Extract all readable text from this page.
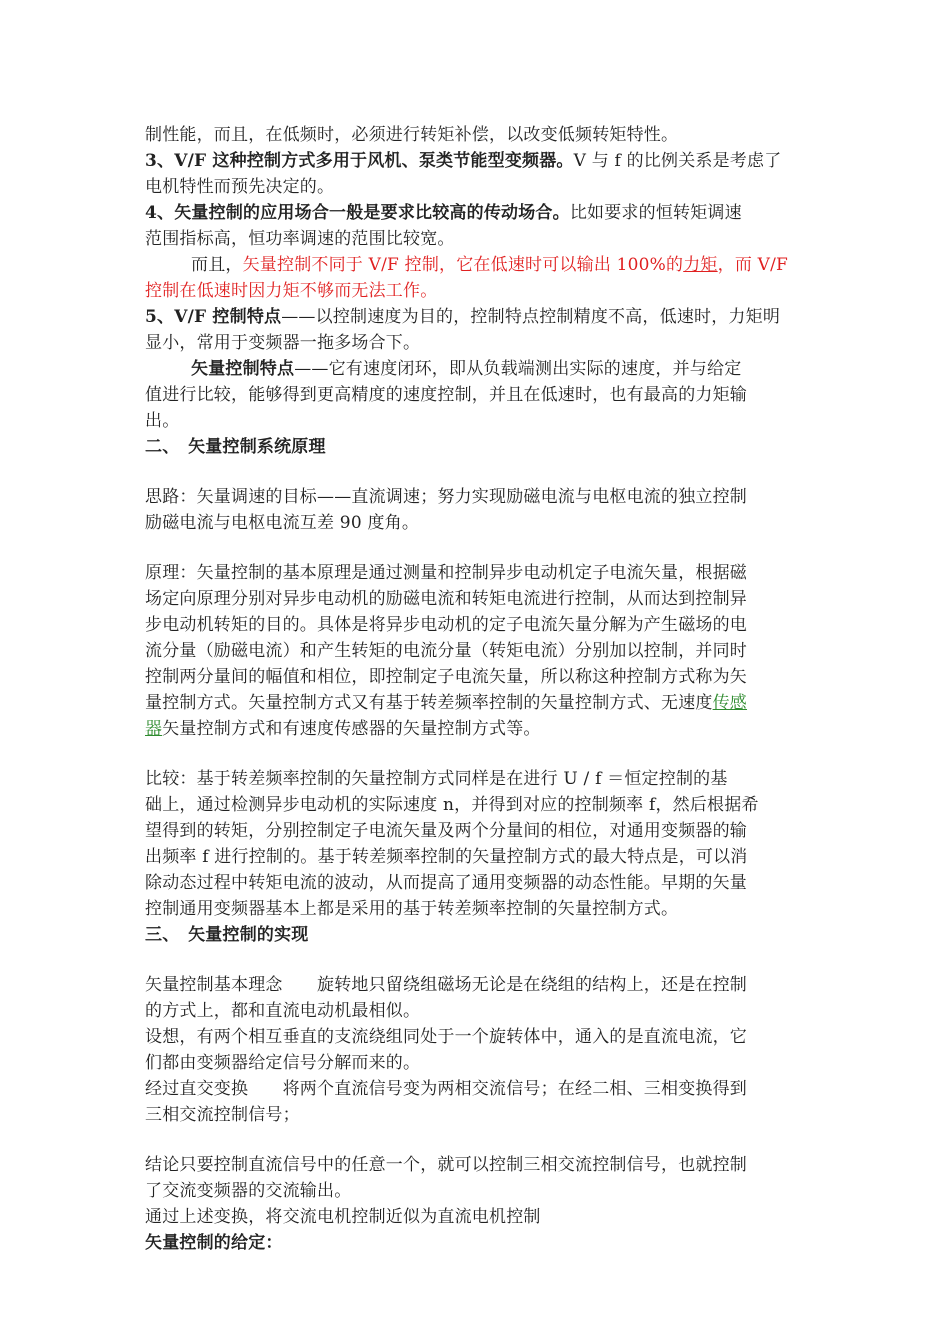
制性能，而且，在低频时，必须进行转矩补偿，以改变低频转矩特性。
3、V/F 这种控制方式多用于风机、泵类节能型变频器。V 与 f 的比例关系是考虑了
电机特性而预先决定的。
4、矢量控制的应用场合一般是要求比较高的传动场合。比如要求的恒转矩调速
范围指标高，恒功率调速的范围比较宽。
而且，矢量控制不同于 V/F 控制，它在低速时可以输出 100%的力矩，而 V/F
控制在低速时因力矩不够而无法工作。
5、V/F 控制特点——以控制速度为目的，控制特点控制精度不高，低速时，力矩明
显小，常用于变频器一拖多场合下。
矢量控制特点——它有速度闭环，即从负载端测出实际的速度，并与给定
值进行比较，能够得到更高精度的速度控制，并且在低速时，也有最高的力矩输
出。
二、　矢量控制系统原理
思路：矢量调速的目标——直流调速；努力实现励磁电流与电枢电流的独立控制
励磁电流与电枢电流互差 90 度角。
原理：矢量控制的基本原理是通过测量和控制异步电动机定子电流矢量，根据磁
场定向原理分别对异步电动机的励磁电流和转矩电流进行控制，从而达到控制异
步电动机转矩的目的。具体是将异步电动机的定子电流矢量分解为产生磁场的电
流分量（励磁电流）和产生转矩的电流分量（转矩电流）分别加以控制，并同时
控制两分量间的幅值和相位，即控制定子电流矢量，所以称这种控制方式称为矢
量控制方式。矢量控制方式又有基于转差频率控制的矢量控制方式、无速度传感
器矢量控制方式和有速度传感器的矢量控制方式等。
比较：基于转差频率控制的矢量控制方式同样是在进行 U / f ＝恒定控制的基
础上，通过检测异步电动机的实际速度 n，并得到对应的控制频率 f，然后根据希
望得到的转矩，分别控制定子电流矢量及两个分量间的相位，对通用变频器的输
出频率 f 进行控制的。基于转差频率控制的矢量控制方式的最大特点是，可以消
除动态过程中转矩电流的波动，从而提高了通用变频器的动态性能。早期的矢量
控制通用变频器基本上都是采用的基于转差频率控制的矢量控制方式。
三、　矢量控制的实现
矢量控制基本理念　　旋转地只留绕组磁场无论是在绕组的结构上，还是在控制
的方式上，都和直流电动机最相似。
设想，有两个相互垂直的支流绕组同处于一个旋转体中，通入的是直流电流，它
们都由变频器给定信号分解而来的。
经过直交变换　　将两个直流信号变为两相交流信号；在经二相、三相变换得到
三相交流控制信号；
结论只要控制直流信号中的任意一个，就可以控制三相交流控制信号，也就控制
了交流变频器的交流输出。
通过上述变换，将交流电机控制近似为直流电机控制
矢量控制的给定：
